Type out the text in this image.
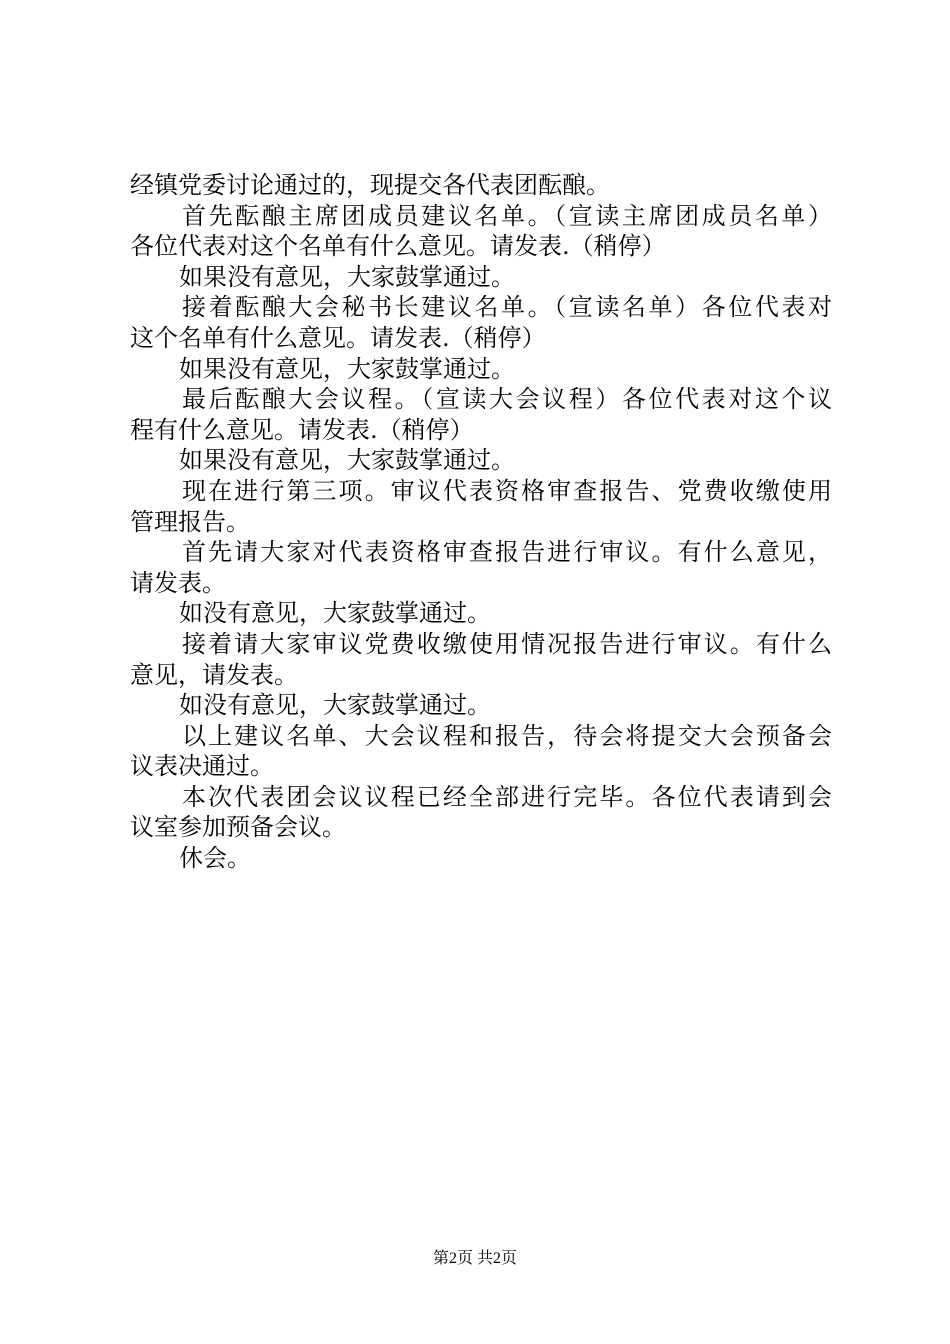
经镇党委讨论通过的，现提交各代表团酝酿。
首先酝酿主席团成员建议名单。（宣读主席团成员名单）
各位代表对这个名单有什么意见。请发表.（稍停）
如果没有意见，大家鼓掌通过。
接着酝酿大会秘书长建议名单。（宣读名单）各位代表对
这个名单有什么意见。请发表.（稍停）
如果没有意见，大家鼓掌通过。
最后酝酿大会议程。（宣读大会议程）各位代表对这个议
程有什么意见。请发表.（稍停）
如果没有意见，大家鼓掌通过。
现在进行第三项。审议代表资格审查报告、党费收缴使用
管理报告。
首先请大家对代表资格审查报告进行审议。有什么意见，
请发表。
如没有意见，大家鼓掌通过。
接着请大家审议党费收缴使用情况报告进行审议。有什么
意见，请发表。
如没有意见，大家鼓掌通过。
以上建议名单、大会议程和报告，待会将提交大会预备会
议表决通过。
本次代表团会议议程已经全部进行完毕。各位代表请到会
议室参加预备会议。
休会。
第2页 共2页
